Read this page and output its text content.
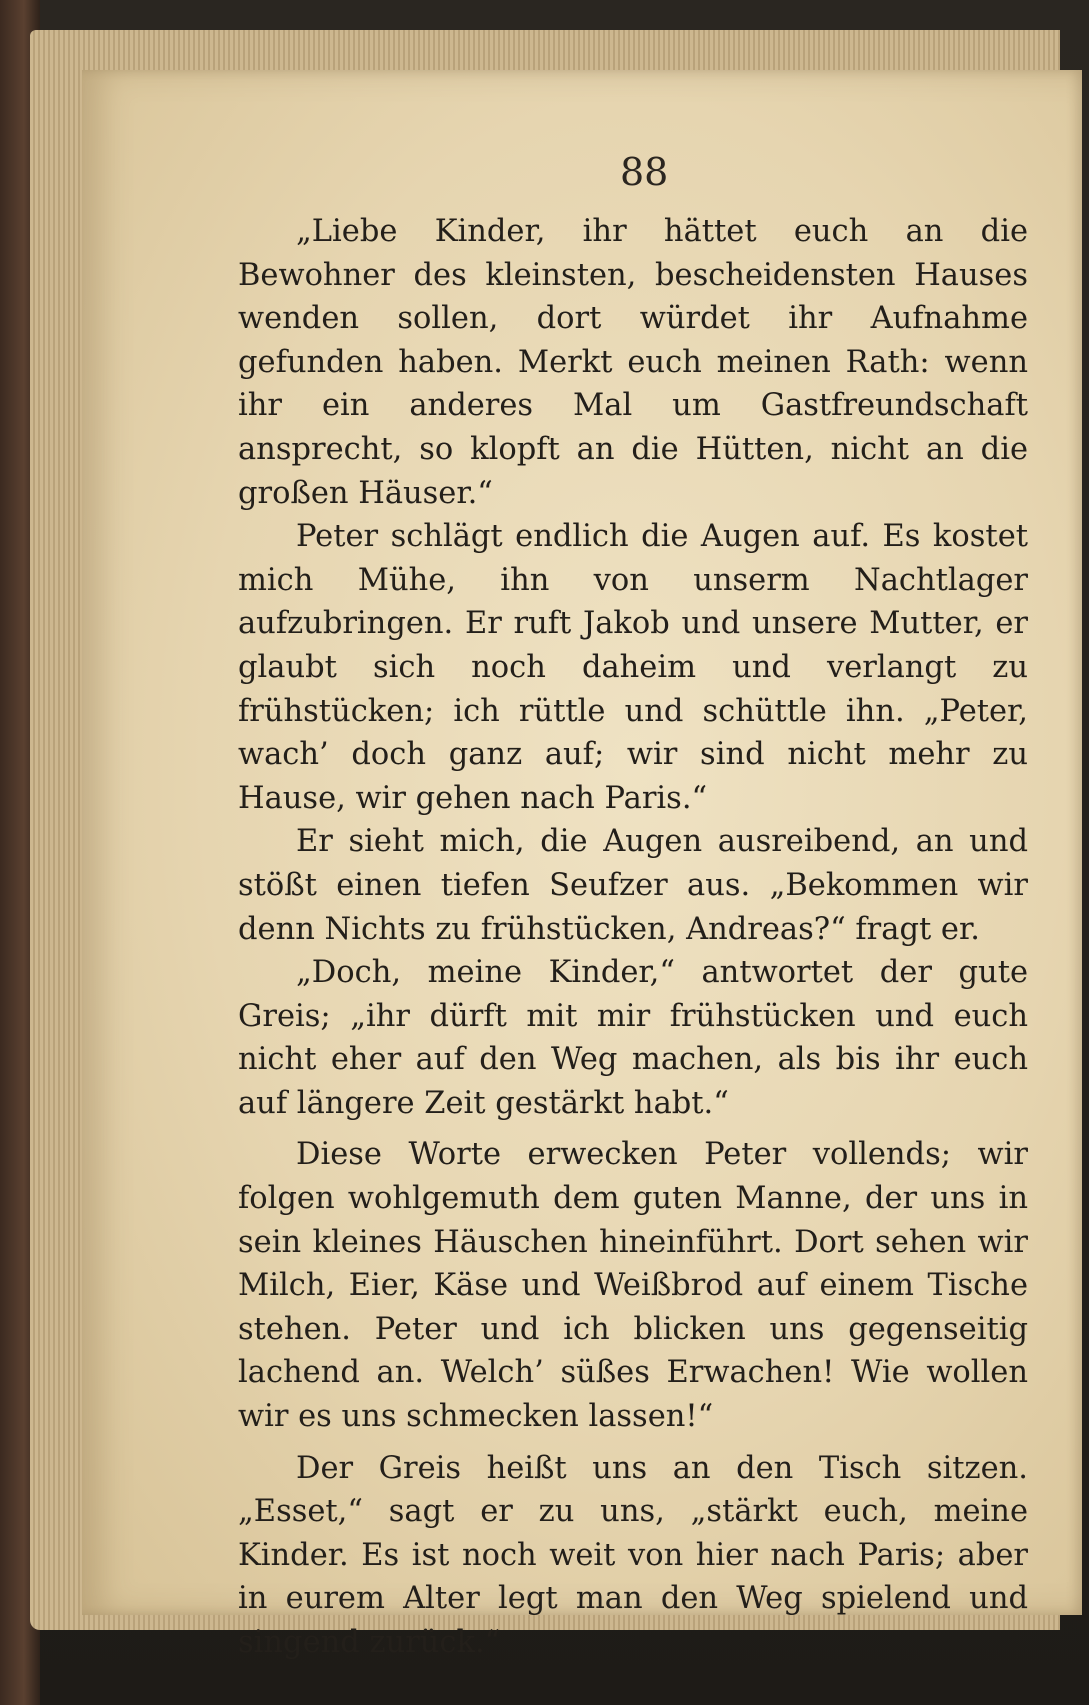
88

„Liebe Kinder, ihr hättet euch an die Bewohner des kleinsten, bescheidensten Hauses wenden sollen, dort würdet ihr Aufnahme gefunden haben. Merkt euch meinen Rath: wenn ihr ein anderes Mal um Gastfreundschaft ansprecht, so klopft an die Hütten, nicht an die großen Häuser.“

Peter schlägt endlich die Augen auf. Es kostet mich Mühe, ihn von unserm Nachtlager aufzubringen. Er ruft Jakob und unsere Mutter, er glaubt sich noch daheim und verlangt zu frühstücken; ich rüttle und schüttle ihn. „Peter, wach’ doch ganz auf; wir sind nicht mehr zu Hause, wir gehen nach Paris.“

Er sieht mich, die Augen ausreibend, an und stößt einen tiefen Seufzer aus. „Bekommen wir denn Nichts zu frühstücken, Andreas?“ fragt er.

„Doch, meine Kinder,“ antwortet der gute Greis; „ihr dürft mit mir frühstücken und euch nicht eher auf den Weg machen, als bis ihr euch auf längere Zeit gestärkt habt.“

Diese Worte erwecken Peter vollends; wir folgen wohlgemuth dem guten Manne, der uns in sein kleines Häuschen hineinführt. Dort sehen wir Milch, Eier, Käse und Weißbrod auf einem Tische stehen. Peter und ich blicken uns gegenseitig lachend an. Welch’ süßes Erwachen! Wie wollen wir es uns schmecken lassen!“

Der Greis heißt uns an den Tisch sitzen. „Esset,“ sagt er zu uns, „stärkt euch, meine Kinder. Es ist noch weit von hier nach Paris; aber in eurem Alter legt man den Weg spielend und singend zurück.“
